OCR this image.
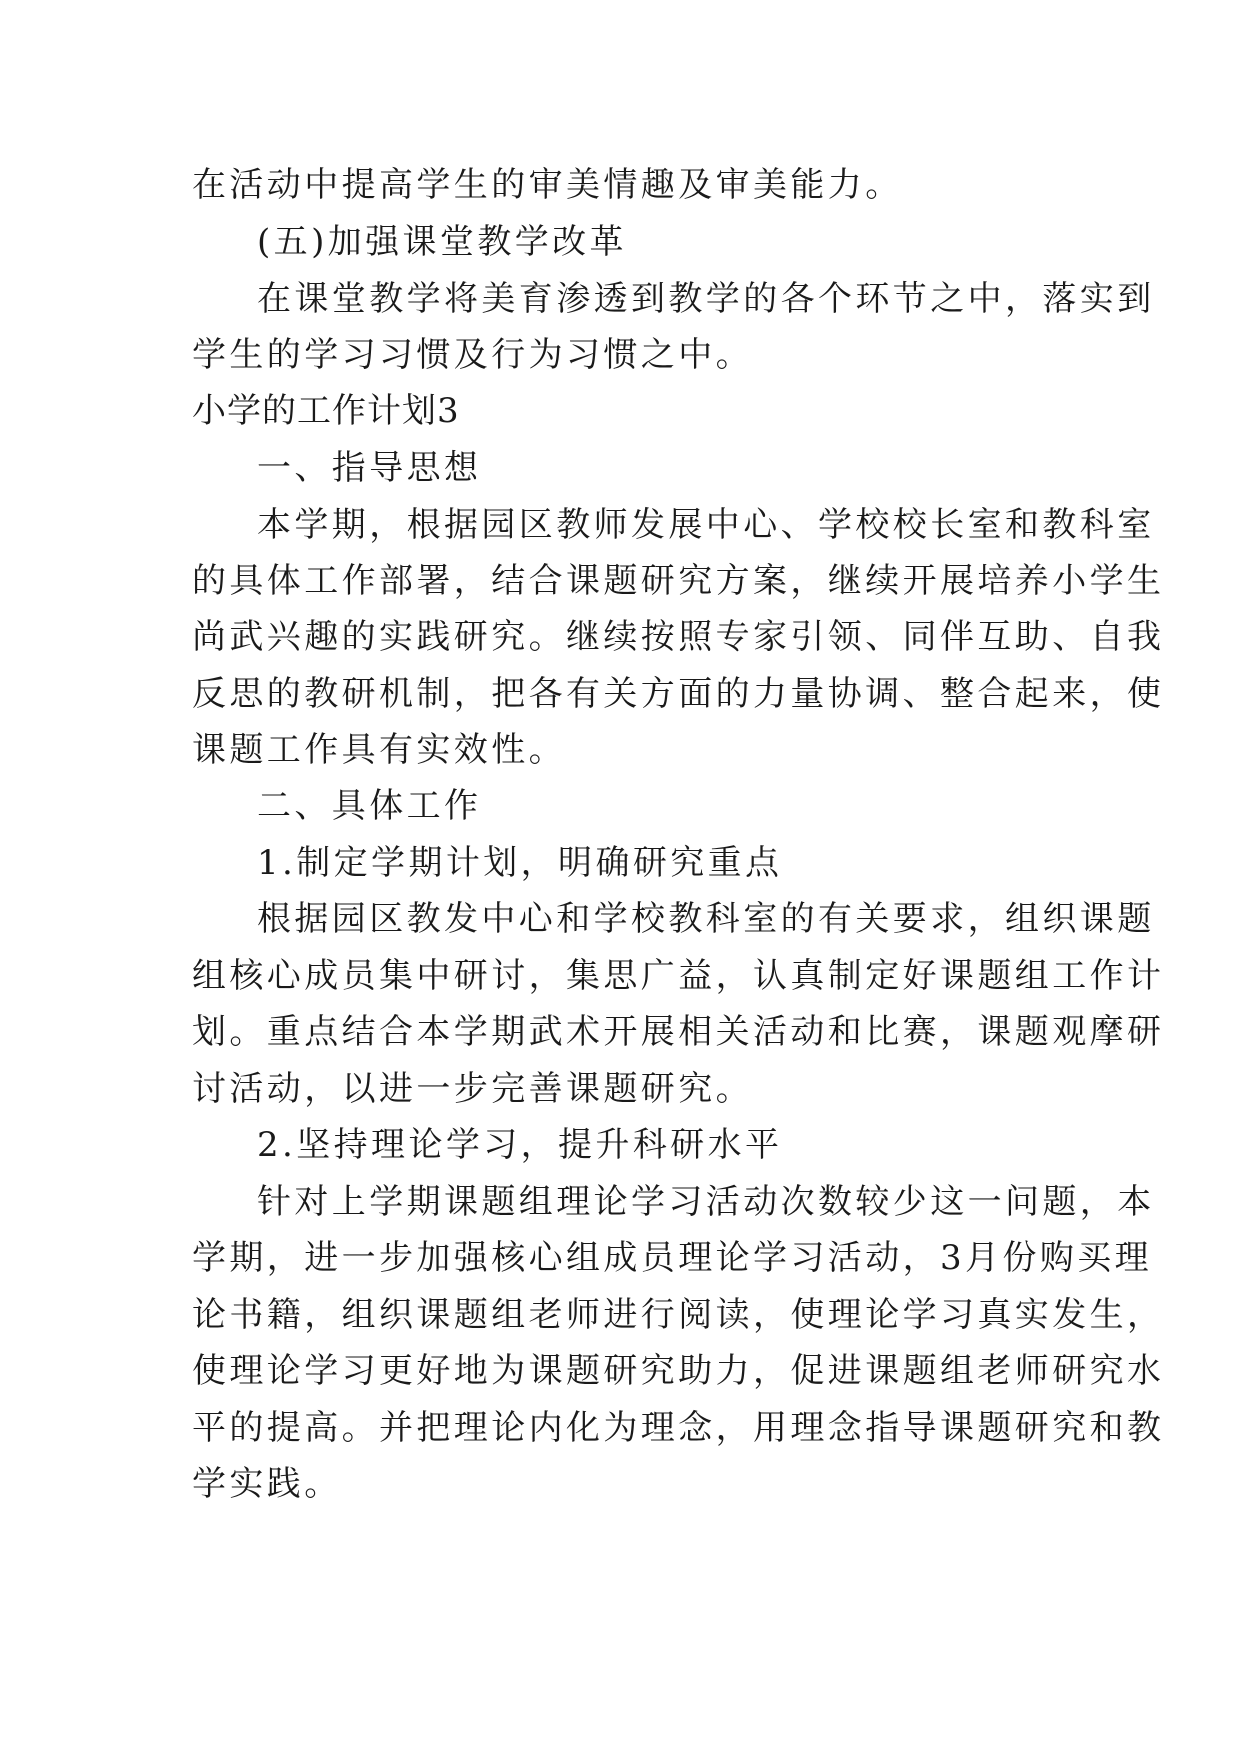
在活动中提高学生的审美情趣及审美能力。
(五)加强课堂教学改革
在课堂教学将美育渗透到教学的各个环节之中，落实到
学生的学习习惯及行为习惯之中。
小学的工作计划3
一、指导思想
本学期，根据园区教师发展中心、学校校长室和教科室
的具体工作部署，结合课题研究方案，继续开展培养小学生
尚武兴趣的实践研究。继续按照专家引领、同伴互助、自我
反思的教研机制，把各有关方面的力量协调、整合起来，使
课题工作具有实效性。
二、具体工作
1.制定学期计划，明确研究重点
根据园区教发中心和学校教科室的有关要求，组织课题
组核心成员集中研讨，集思广益，认真制定好课题组工作计
划。重点结合本学期武术开展相关活动和比赛，课题观摩研
讨活动，以进一步完善课题研究。
2.坚持理论学习，提升科研水平
针对上学期课题组理论学习活动次数较少这一问题，本
学期，进一步加强核心组成员理论学习活动，3月份购买理
论书籍，组织课题组老师进行阅读，使理论学习真实发生，
使理论学习更好地为课题研究助力，促进课题组老师研究水
平的提高。并把理论内化为理念，用理念指导课题研究和教
学实践。
